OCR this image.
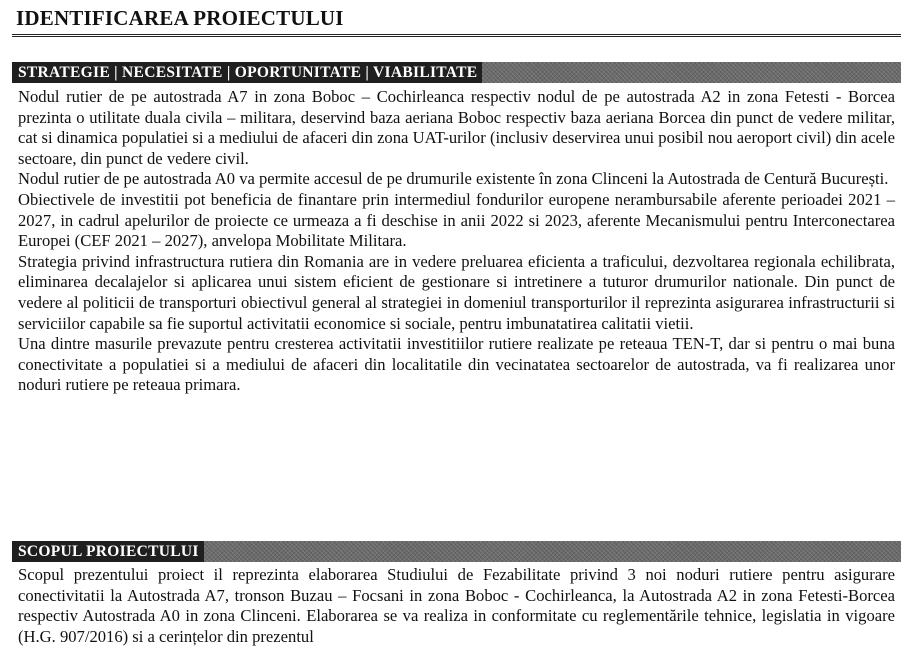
IDENTIFICAREA PROIECTULUI
STRATEGIE | NECESITATE | OPORTUNITATE | VIABILITATE

Nodul rutier de pe autostrada A7 in zona Boboc – Cochirleanca respectiv nodul de pe autostrada A2 in zona Fetesti - Borcea prezinta o utilitate duala civila – militara, deservind baza aeriana Boboc respectiv baza aeriana Borcea din punct de vedere militar, cat si dinamica populatiei si a mediului de afaceri din zona UAT-urilor (inclusiv deservirea unui posibil nou aeroport civil) din acele sectoare, din punct de vedere civil.

Nodul rutier de pe autostrada A0 va permite accesul de pe drumurile existente în zona Clinceni la Autostrada de Centură București.

Obiectivele de investitii pot beneficia de finantare prin intermediul fondurilor europene nerambursabile aferente perioadei 2021 – 2027, in cadrul apelurilor de proiecte ce urmeaza a fi deschise in anii 2022 si 2023, aferente Mecanismului pentru Interconectarea Europei (CEF 2021 – 2027), anvelopa Mobilitate Militara.

Strategia privind infrastructura rutiera din Romania are in vedere preluarea eficienta a traficului, dezvoltarea regionala echilibrata, eliminarea decalajelor si aplicarea unui sistem eficient de gestionare si intretinere a tuturor drumurilor nationale. Din punct de vedere al politicii de transporturi obiectivul general al strategiei in domeniul transporturilor il reprezinta asigurarea infrastructurii si serviciilor capabile sa fie suportul activitatii economice si sociale, pentru imbunatatirea calitatii vietii.

Una dintre masurile prevazute pentru cresterea activitatii investitiilor rutiere realizate pe reteaua TEN-T, dar si pentru o mai buna conectivitate a populatiei si a mediului de afaceri din localitatile din vecinatatea sectoarelor de autostrada, va fi realizarea unor noduri rutiere pe reteaua primara.

SCOPUL PROIECTULUI

Scopul prezentului proiect il reprezinta elaborarea Studiului de Fezabilitate privind 3 noi noduri rutiere pentru asigurare conectivitatii la Autostrada A7, tronson Buzau – Focsani in zona Boboc - Cochirleanca, la Autostrada A2 in zona Fetesti-Borcea respectiv Autostrada A0 in zona Clinceni. Elaborarea se va realiza in conformitate cu reglementările tehnice, legislatia in vigoare (H.G. 907/2016) si a cerințelor din prezentul
